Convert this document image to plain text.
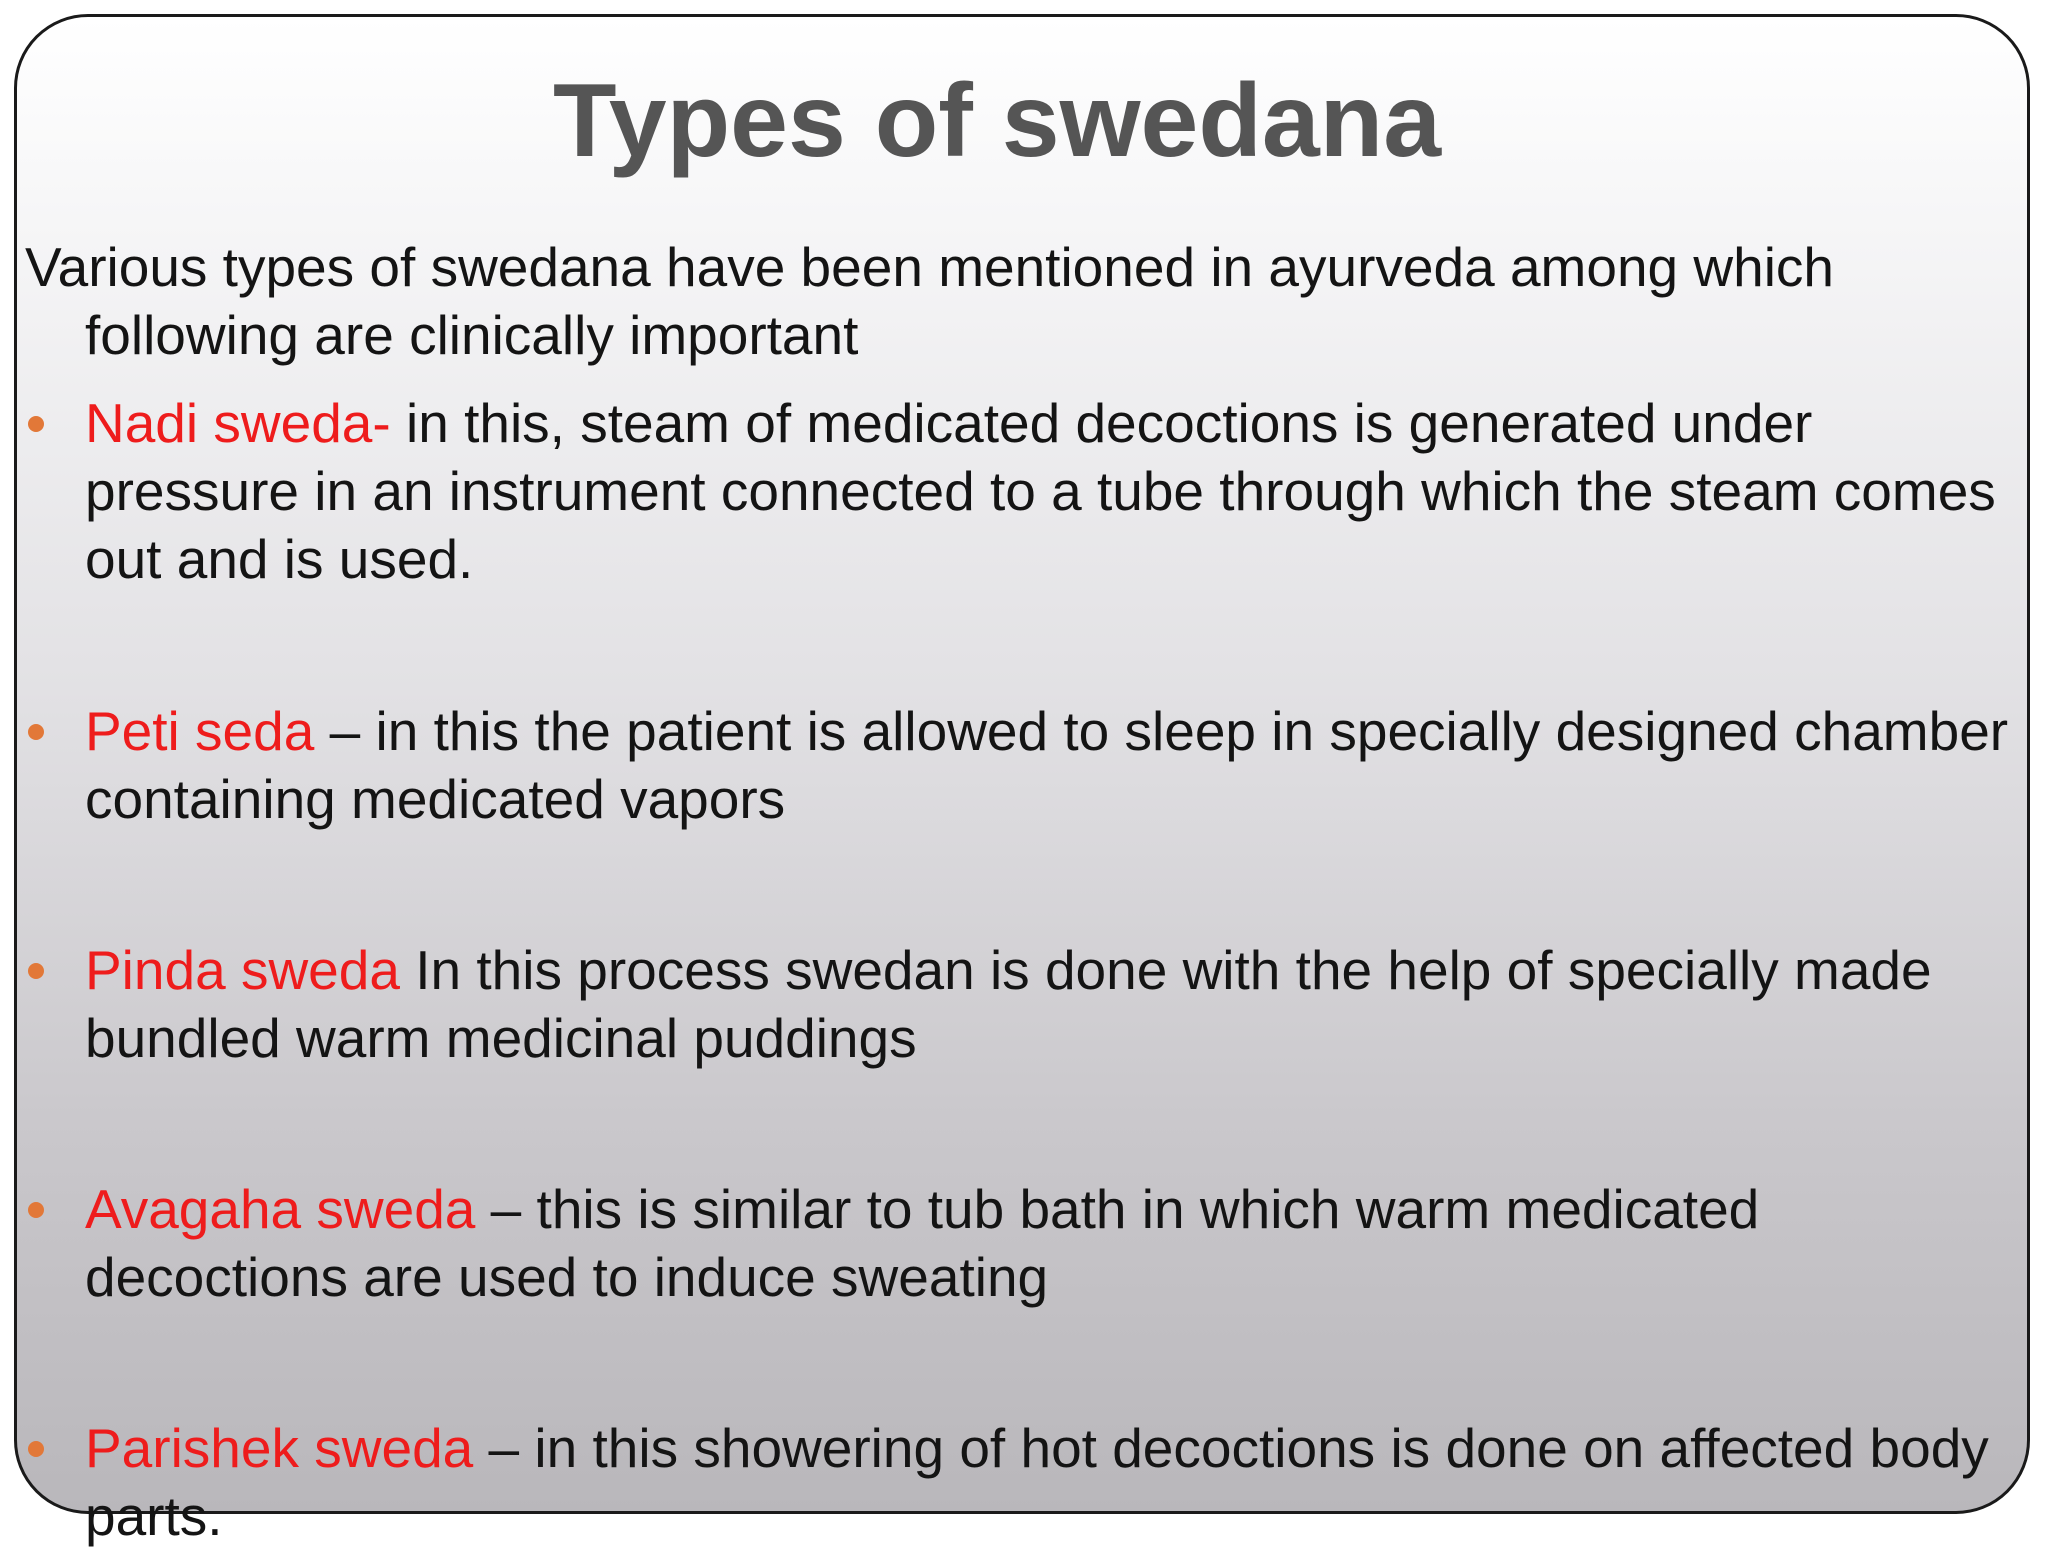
Types of swedana

Various types of swedana have been mentioned in ayurveda among which following are clinically important

Nadi sweda- in this, steam of medicated decoctions is generated under pressure in an instrument connected to a tube through which the steam comes out and is used.

Peti seda – in this the patient is allowed to sleep in specially designed chamber containing medicated vapors

Pinda sweda In this process swedan is done with the help of specially made bundled warm medicinal puddings

Avagaha sweda – this is similar to tub bath in which warm medicated decoctions are used to induce sweating

Parishek sweda – in this showering of hot decoctions is done on affected body parts.
